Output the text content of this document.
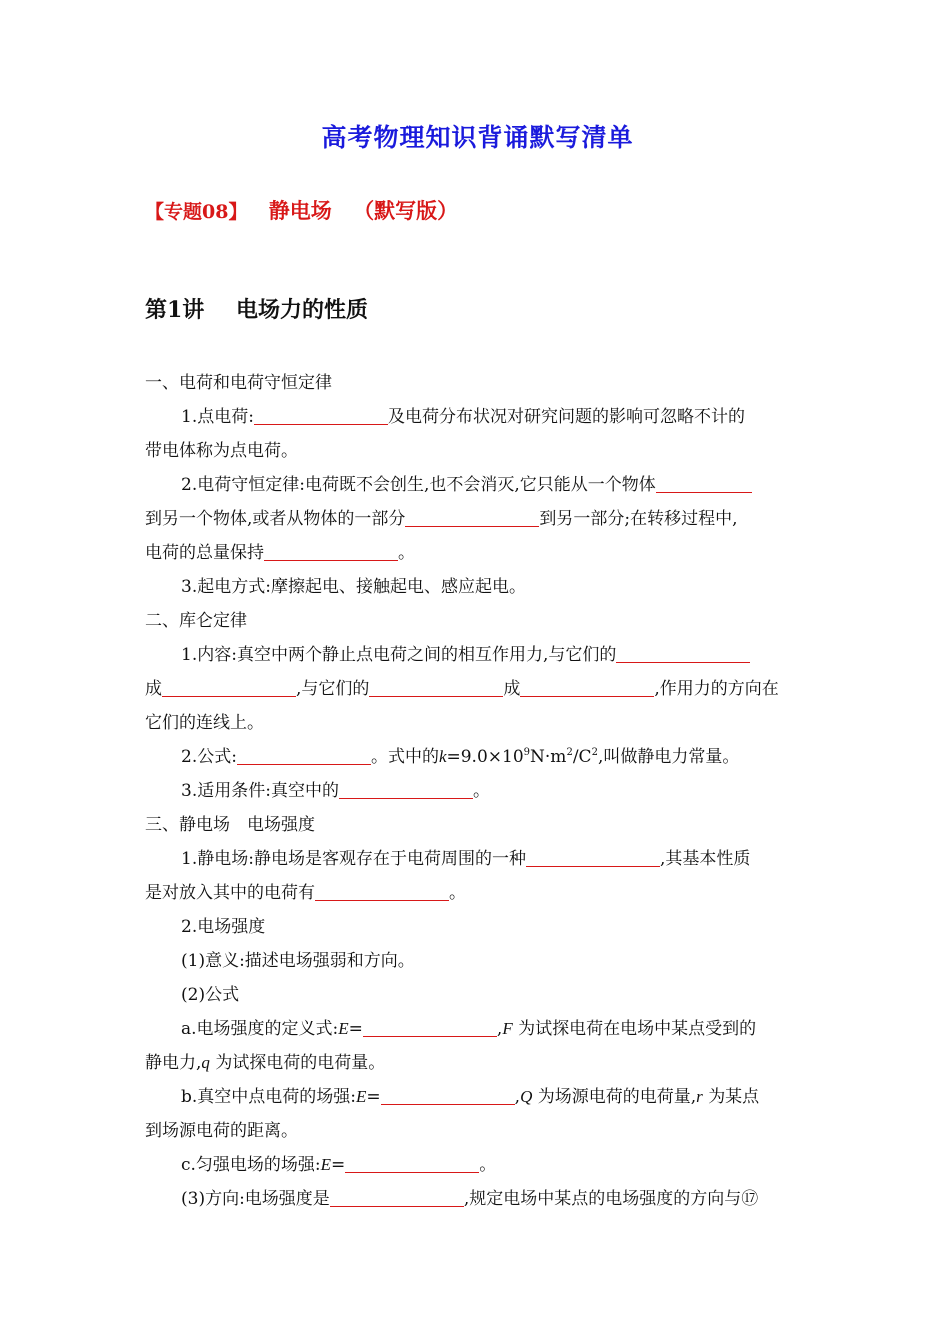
高考物理知识背诵默写清单
【专题08】 静电场 （默写版）
第1讲 电场力的性质
一、电荷和电荷守恒定律
1.点电荷:	及电荷分布状况对研究问题的影响可忽略不计的
带电体称为点电荷。
2.电荷守恒定律:电荷既不会创生,也不会消灭,它只能从一个物体
到另一个物体,或者从物体的一部分	到另一部分;在转移过程中,
电荷的总量保持	。
3.起电方式:摩擦起电、接触起电、感应起电。
二、库仑定律
1.内容:真空中两个静止点电荷之间的相互作用力,与它们的
成	,与它们的	成	,作用力的方向在
它们的连线上。
2.公式:	。式中的$k=9.0\times 10^9N\cdot m^2/C^2$,叫做静电力常量。
3.适用条件:真空中的	。
三、静电场　电场强度
1.静电场:静电场是客观存在于电荷周围的一种	,其基本性质
是对放入其中的电荷有	。
2.电场强度
(1)意义:描述电场强弱和方向。
(2)公式
a.电场强度的定义式:E=	,F 为试探电荷在电场中某点受到的
静电力,q 为试探电荷的电荷量。
b.真空中点电荷的场强:E=	,Q 为场源电荷的电荷量,r 为某点
到场源电荷的距离。
c.匀强电场的场强:E=	。
(3)方向:电场强度是	,规定电场中某点的电场强度的方向与⑰
